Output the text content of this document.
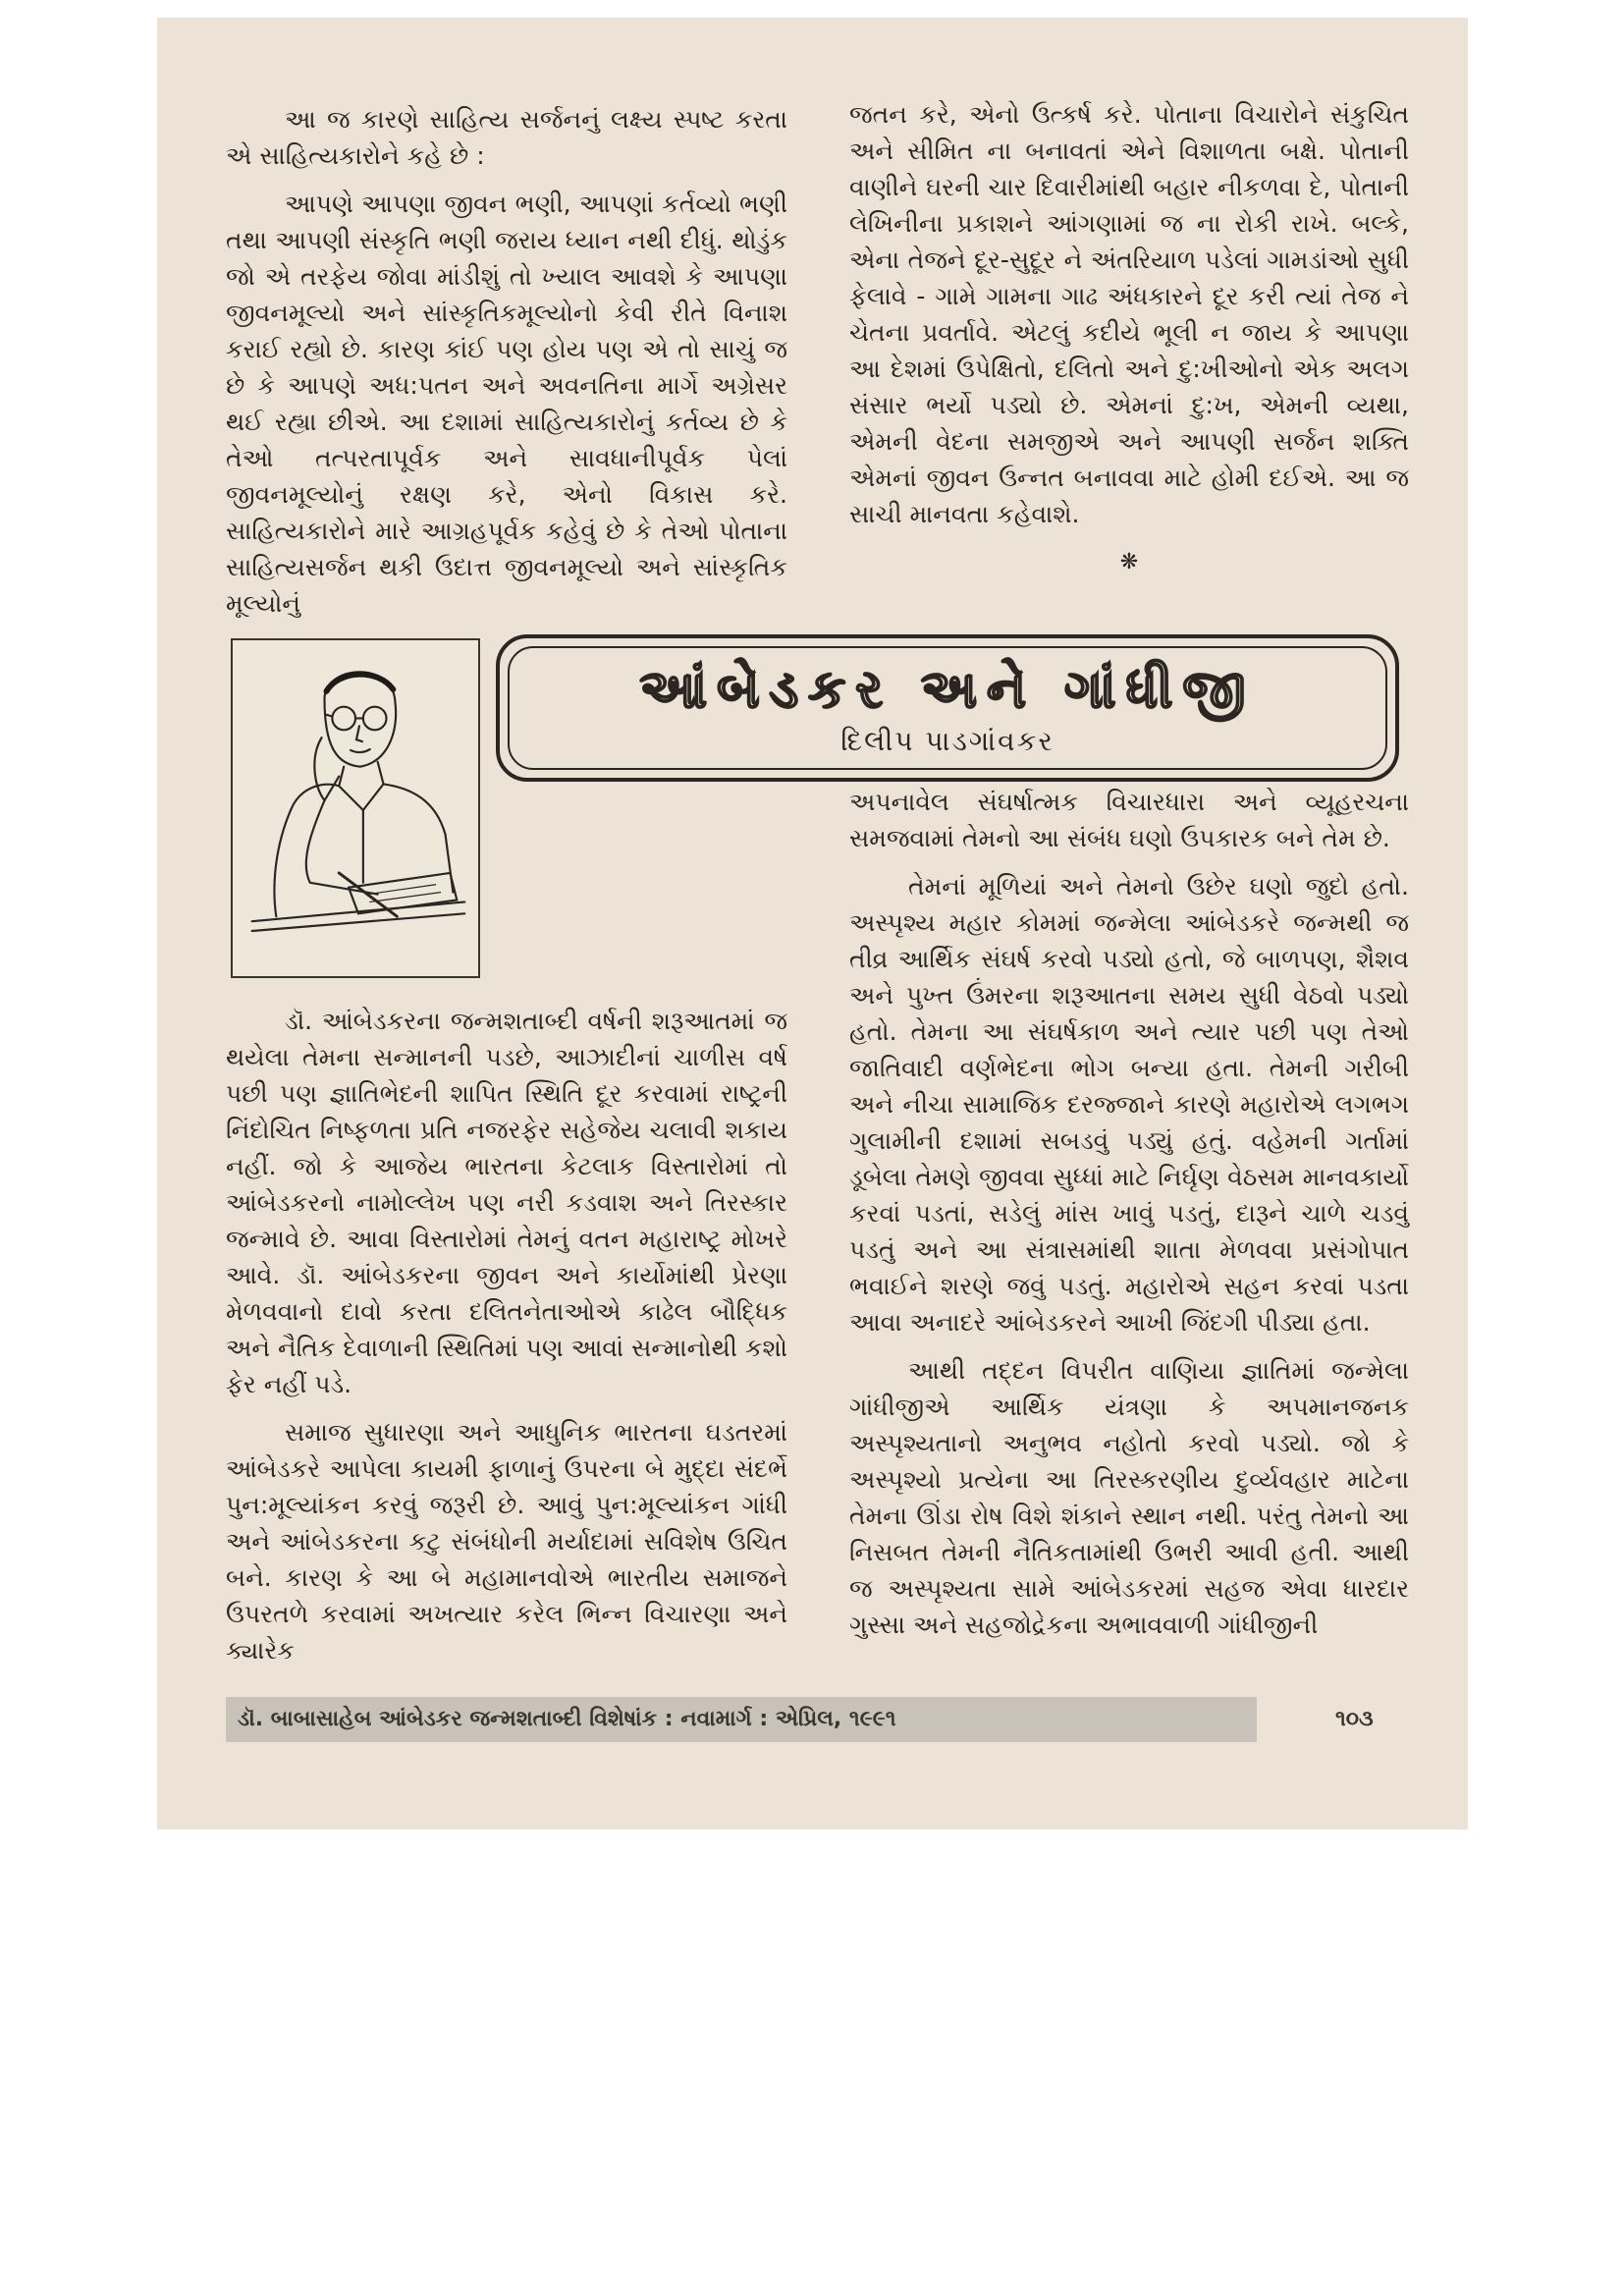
આ જ કારણે સાહિત્ય સર્જનનું લક્ષ્ય સ્પષ્ટ કરતા એ સાહિત્યકારોને કહે છે :

આપણે આપણા જીવન ભણી, આપણાં કર્તવ્યો ભણી તથા આપણી સંસ્કૃતિ ભણી જરાય ધ્યાન નથી દીધું. થોડુંક જો એ તરફેય જોવા માંડીશું તો ખ્યાલ આવશે કે આપણા જીવનમૂલ્યો અને સાંસ્કૃતિકમૂલ્યોનો કેવી રીતે વિનાશ કરાઈ રહ્યો છે. કારણ કાંઈ પણ હોય પણ એ તો સાચું જ છે કે આપણે અધ:પતન અને અવનતિના માર્ગે અગ્રેસર થઈ રહ્યા છીએ. આ દશામાં સાહિત્યકારોનું કર્તવ્ય છે કે તેઓ તત્પરતાપૂર્વક અને સાવધાનીપૂર્વક પેલાં જીવનમૂલ્યોનું રક્ષણ કરે, એનો વિકાસ કરે. સાહિત્યકારોને મારે આગ્રહપૂર્વક કહેવું છે કે તેઓ પોતાના સાહિત્યસર્જન થકી ઉદાત્ત જીવનમૂલ્યો અને સાંસ્કૃતિક મૂલ્યોનું

જતન કરે, એનો ઉત્કર્ષ કરે. પોતાના વિચારોને સંકુચિત અને સીમિત ના બનાવતાં એને વિશાળતા બક્ષે. પોતાની વાણીને ઘરની ચાર દિવારીમાંથી બહાર નીકળવા દે, પોતાની લેખિનીના પ્રકાશને આંગણામાં જ ના રોકી રાખે. બલ્કે, એના તેજને દૂર-સુદૂર ને અંતરિયાળ પડેલાં ગામડાંઓ સુધી ફેલાવે - ગામે ગામના ગાઢ અંધકારને દૂર કરી ત્યાં તેજ ને ચેતના પ્રવર્તાવે. એટલું કદીયે ભૂલી ન જાય કે આપણા આ દેશમાં ઉપેક્ષિતો, દલિતો અને દુ:ખીઓનો એક અલગ સંસાર ભર્યો પડ્યો છે. એમનાં દુ:ખ, એમની વ્યથા, એમની વેદના સમજીએ અને આપણી સર્જન શક્તિ એમનાં જીવન ઉન્નત બનાવવા માટે હોમી દઈએ. આ જ સાચી માનવતા કહેવાશે.

❋

આંબેડકર અને ગાંધીજી
દિલીપ પાડગાંવકર

અપનાવેલ સંઘર્ષાત્મક વિચારધારા અને વ્યૂહરચના સમજવામાં તેમનો આ સંબંધ ઘણો ઉપકારક બને તેમ છે.

તેમનાં મૂળિયાં અને તેમનો ઉછેર ઘણો જુદો હતો. અસ્પૃશ્ય મહાર કોમમાં જન્મેલા આંબેડકરે જન્મથી જ તીવ્ર આર્થિક સંઘર્ષ કરવો પડ્યો હતો, જે બાળપણ, શૈશવ અને પુખ્ત ઉંમરના શરૂઆતના સમય સુધી વેઠવો પડ્યો હતો. તેમના આ સંઘર્ષકાળ અને ત્યાર પછી પણ તેઓ જાતિવાદી વર્ણભેદના ભોગ બન્યા હતા. તેમની ગરીબી અને નીચા સામાજિક દરજ્જાને કારણે મહારોએ લગભગ ગુલામીની દશામાં સબડવું પડ્યું હતું. વહેમની ગર્તામાં ડૂબેલા તેમણે જીવવા સુધ્ધાં માટે નિર્ઘૃણ વેઠસમ માનવકાર્યો કરવાં પડતાં, સડેલું માંસ ખાવું પડતું, દારૂને ચાળે ચડવું પડતું અને આ સંત્રાસમાંથી શાતા મેળવવા પ્રસંગોપાત ભવાઈને શરણે જવું પડતું. મહારોએ સહન કરવાં પડતા આવા અનાદરે આંબેડકરને આખી જિંદગી પીડ્યા હતા.

આથી તદ્દન વિપરીત વાણિયા જ્ઞાતિમાં જન્મેલા ગાંધીજીએ આર્થિક યંત્રણા કે અપમાનજનક અસ્પૃશ્યતાનો અનુભવ નહોતો કરવો પડ્યો. જો કે અસ્પૃશ્યો પ્રત્યેના આ તિરસ્કરણીય દુર્વ્યવહાર માટેના તેમના ઊંડા રોષ વિશે શંકાને સ્થાન નથી. પરંતુ તેમનો આ નિસબત તેમની નૈતિકતામાંથી ઉભરી આવી હતી. આથી જ અસ્પૃશ્યતા સામે આંબેડકરમાં સહજ એવા ધારદાર ગુસ્સા અને સહજોદ્રેકના અભાવવાળી ગાંધીજીની

ડૉ. આંબેડકરના જન્મશતાબ્દી વર્ષની શરૂઆતમાં જ થયેલા તેમના સન્માનની પડછે, આઝાદીનાં ચાળીસ વર્ષ પછી પણ જ્ઞાતિભેદની શાપિત સ્થિતિ દૂર કરવામાં રાષ્ટ્રની નિંદોચિત નિષ્ફળતા પ્રતિ નજરફેર સહેજેય ચલાવી શકાય નહીં. જો કે આજેય ભારતના કેટલાક વિસ્તારોમાં તો આંબેડકરનો નામોલ્લેખ પણ નરી કડવાશ અને તિરસ્કાર જન્માવે છે. આવા વિસ્તારોમાં તેમનું વતન મહારાષ્ટ્ર મોખરે આવે. ડૉ. આંબેડકરના જીવન અને કાર્યોમાંથી પ્રેરણા મેળવવાનો દાવો કરતા દલિતનેતાઓએ કાઢેલ બૌદ્ધિક અને નૈતિક દેવાળાની સ્થિતિમાં પણ આવાં સન્માનોથી કશો ફેર નહીં પડે.

સમાજ સુધારણા અને આધુનિક ભારતના ઘડતરમાં આંબેડકરે આપેલા કાયમી ફાળાનું ઉપરના બે મુદ્દા સંદર્ભે પુન:મૂલ્યાંકન કરવું જરૂરી છે. આવું પુન:મૂલ્યાંકન ગાંધી અને આંબેડકરના કટુ સંબંધોની મર્યાદામાં સવિશેષ ઉચિત બને. કારણ કે આ બે મહામાનવોએ ભારતીય સમાજને ઉપરતળે કરવામાં અખત્યાર કરેલ ભિન્ન વિચારણા અને ક્યારેક

ડૉ. બાબાસાહેબ આંબેડકર જન્મશતાબ્દી વિશેષાંક : નવામાર્ગ : એપ્રિલ, ૧૯૯૧	૧૦૩
